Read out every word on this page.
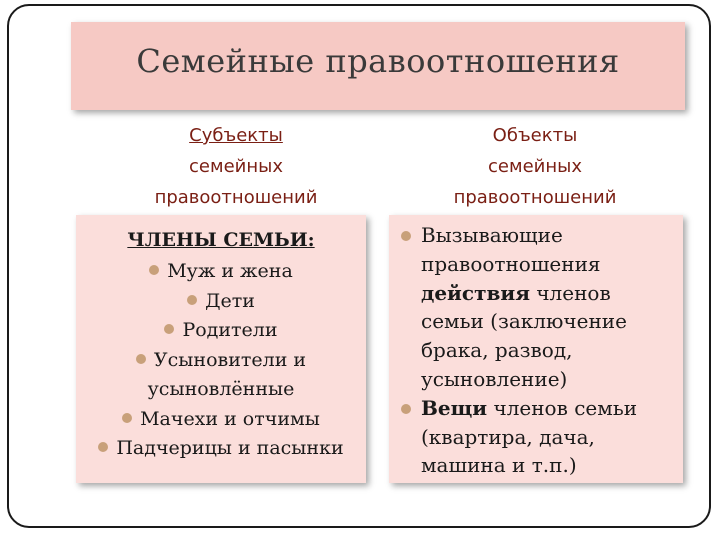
Семейные правоотношения
Субъекты
семейных
правоотношений
Объекты
семейных
правоотношений
ЧЛЕНЫ СЕМЬИ:
Муж и жена
Дети
Родители
Усыновители и
усыновлённые
Мачехи и отчимы
Падчерицы и пасынки
Вызывающие
правоотношения
действия членов
семьи (заключение
брака, развод,
усыновление)
Вещи членов семьи
(квартира, дача,
машина и т.п.)
